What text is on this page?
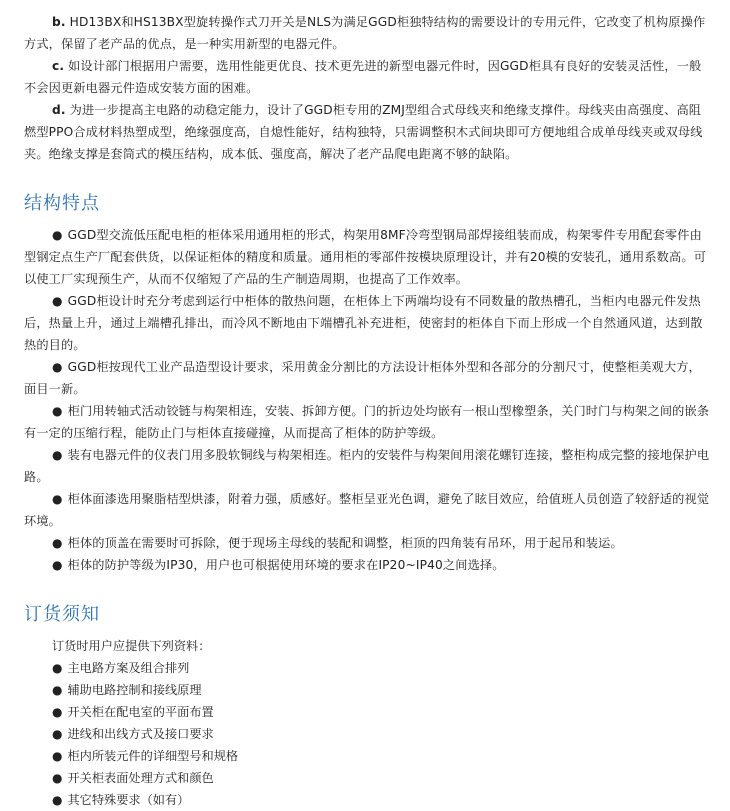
b. HD13BX和HS13BX型旋转操作式刀开关是NLS为满足GGD柜独特结构的需要设计的专用元件，它改变了机构原操作方式，保留了老产品的优点，是一种实用新型的电器元件。

c. 如设计部门根据用户需要，选用性能更优良、技术更先进的新型电器元件时，因GGD柜具有良好的安装灵活性，一般不会因更新电器元件造成安装方面的困难。

d. 为进一步提高主电路的动稳定能力，设计了GGD柜专用的ZMJ型组合式母线夹和绝缘支撑件。母线夹由高强度、高阻燃型PPO合成材料热塑成型，绝缘强度高，自熄性能好，结构独特，只需调整积木式间块即可方便地组合成单母线夹或双母线夹。绝缘支撑是套筒式的模压结构，成本低、强度高，解决了老产品爬电距离不够的缺陷。

结构特点

● GGD型交流低压配电柜的柜体采用通用柜的形式，构架用8MF冷弯型钢局部焊接组装而成，构架零件专用配套零件由型钢定点生产厂配套供货，以保证柜体的精度和质量。通用柜的零部件按模块原理设计，并有20模的安装孔，通用系数高。可以使工厂实现预生产，从而不仅缩短了产品的生产制造周期，也提高了工作效率。

● GGD柜设计时充分考虑到运行中柜体的散热问题，在柜体上下两端均设有不同数量的散热槽孔，当柜内电器元件发热后，热量上升，通过上端槽孔排出，而冷风不断地由下端槽孔补充进柜，使密封的柜体自下而上形成一个自然通风道，达到散热的目的。

● GGD柜按现代工业产品造型设计要求，采用黄金分割比的方法设计柜体外型和各部分的分割尺寸，使整柜美观大方，面目一新。

● 柜门用转轴式活动铰链与构架相连，安装、拆卸方便。门的折边处均嵌有一根山型橡塑条，关门时门与构架之间的嵌条有一定的压缩行程，能防止门与柜体直接碰撞，从而提高了柜体的防护等级。

● 装有电器元件的仪表门用多股软铜线与构架相连。柜内的安装件与构架间用滚花螺钉连接，整柜构成完整的接地保护电路。

● 柜体面漆选用聚脂桔型烘漆，附着力强，质感好。整柜呈亚光色调，避免了眩目效应，给值班人员创造了较舒适的视觉环境。

● 柜体的顶盖在需要时可拆除，便于现场主母线的装配和调整，柜顶的四角装有吊环，用于起吊和装运。

● 柜体的防护等级为IP30，用户也可根据使用环境的要求在IP20~IP40之间选择。

订货须知

订货时用户应提供下列资料：

● 主电路方案及组合排列

● 辅助电路控制和接线原理

● 开关柜在配电室的平面布置

● 进线和出线方式及接口要求

● 柜内所装元件的详细型号和规格

● 开关柜表面处理方式和颜色

● 其它特殊要求（如有）
